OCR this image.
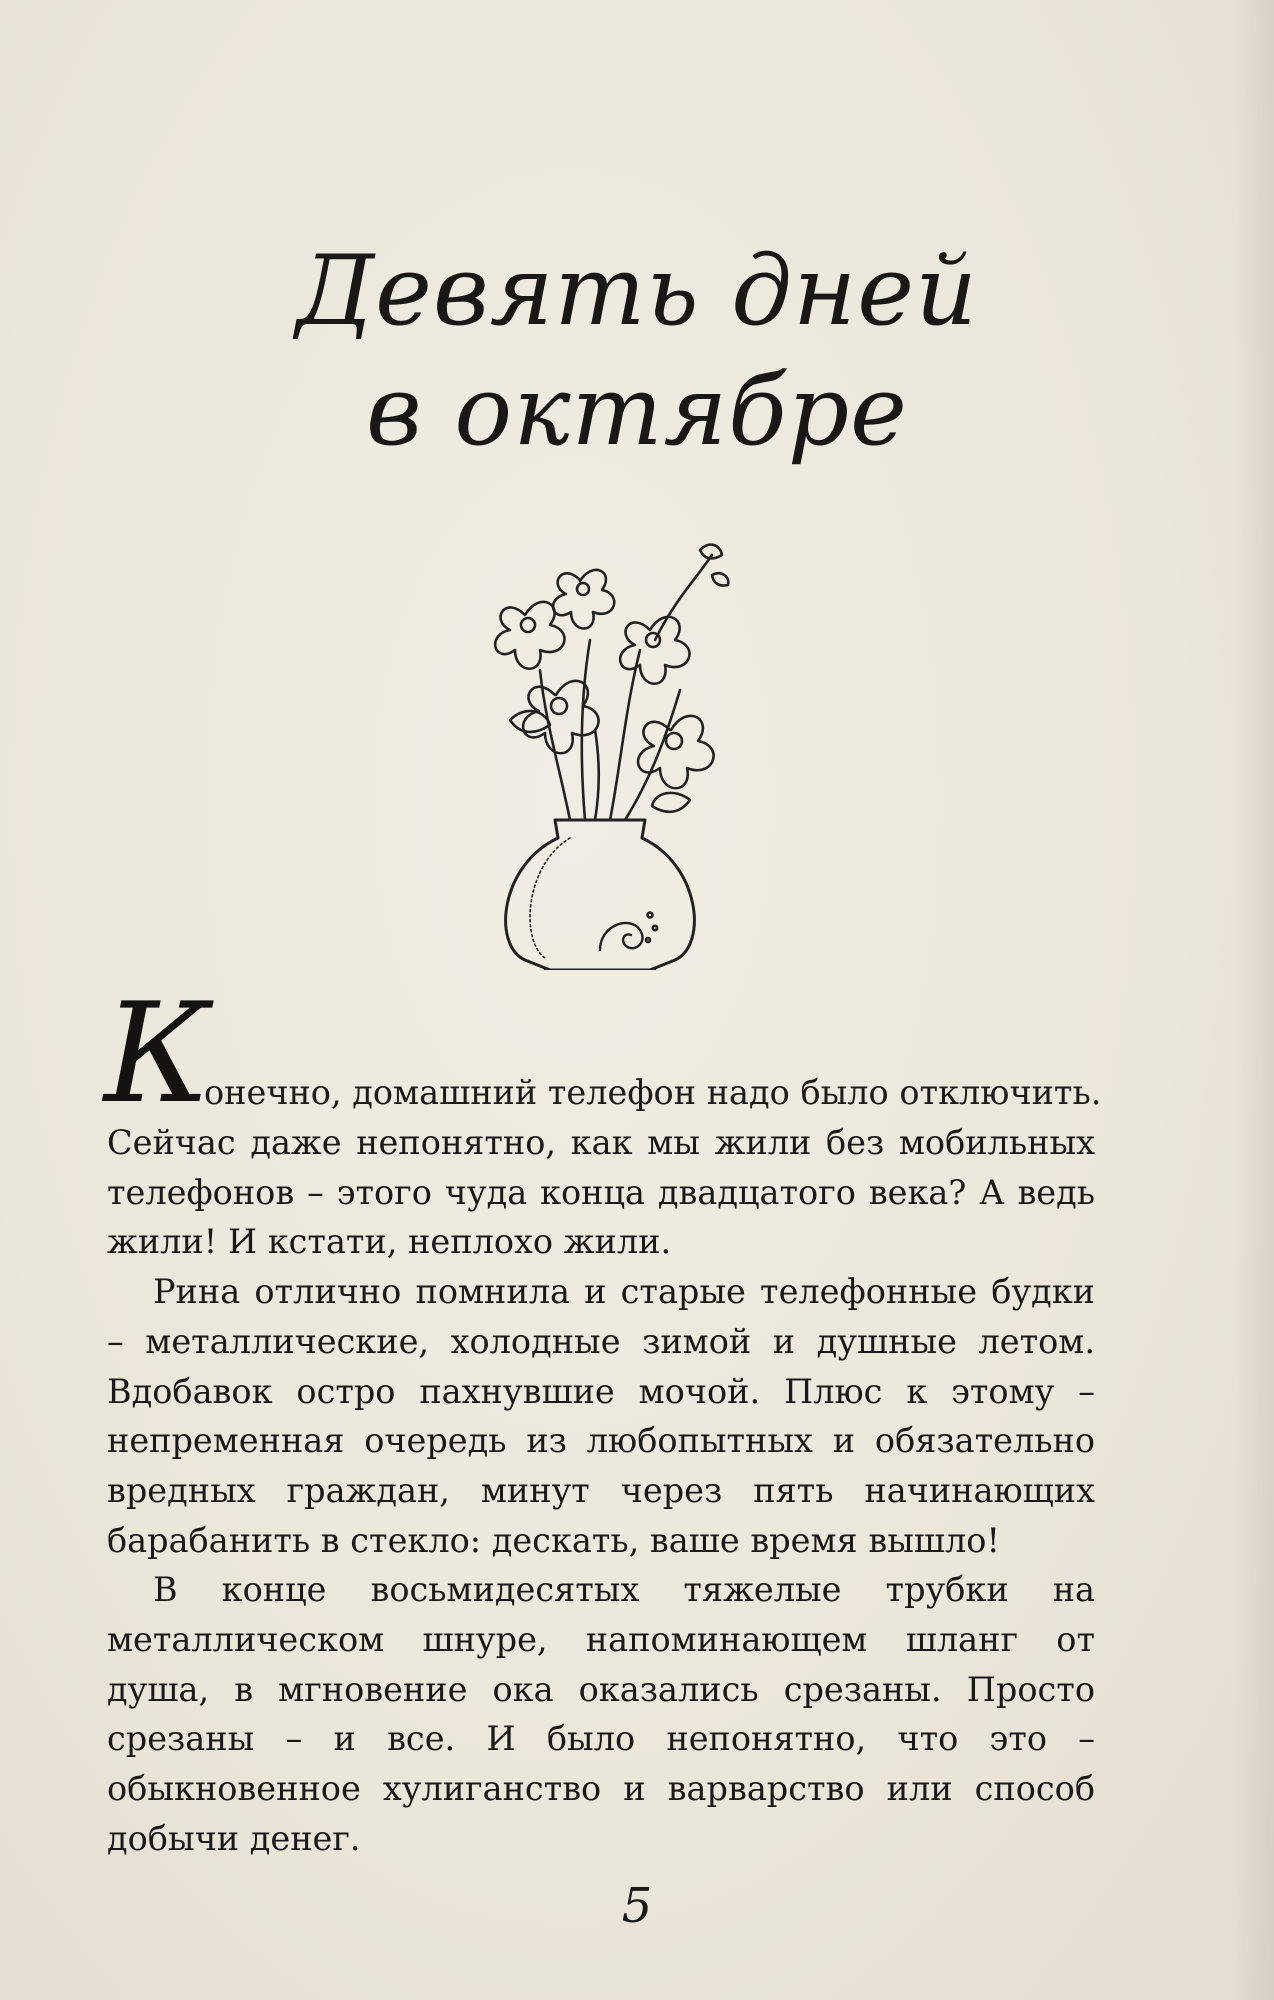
Девять дней
в октябре
К
онечно, домашний телефон надо было отключить.

Сейчас даже непонятно, как мы жили без мобильных телефонов – этого чуда конца двадцатого века? А ведь жили! И кстати, неплохо жили.

Рина отлично помнила и старые телефонные будки – металлические, холодные зимой и душные летом. Вдобавок остро пахнувшие мочой. Плюс к этому – непременная очередь из любопытных и обязательно вредных граждан, минут через пять начинающих барабанить в стекло: дескать, ваше время вышло!

В конце восьмидесятых тяжелые трубки на металлическом шнуре, напоминающем шланг от душа, в мгновение ока оказались срезаны. Просто срезаны – и все. И было непонятно, что это – обыкновенное хулиганство и варварство или способ добычи денег.

5
